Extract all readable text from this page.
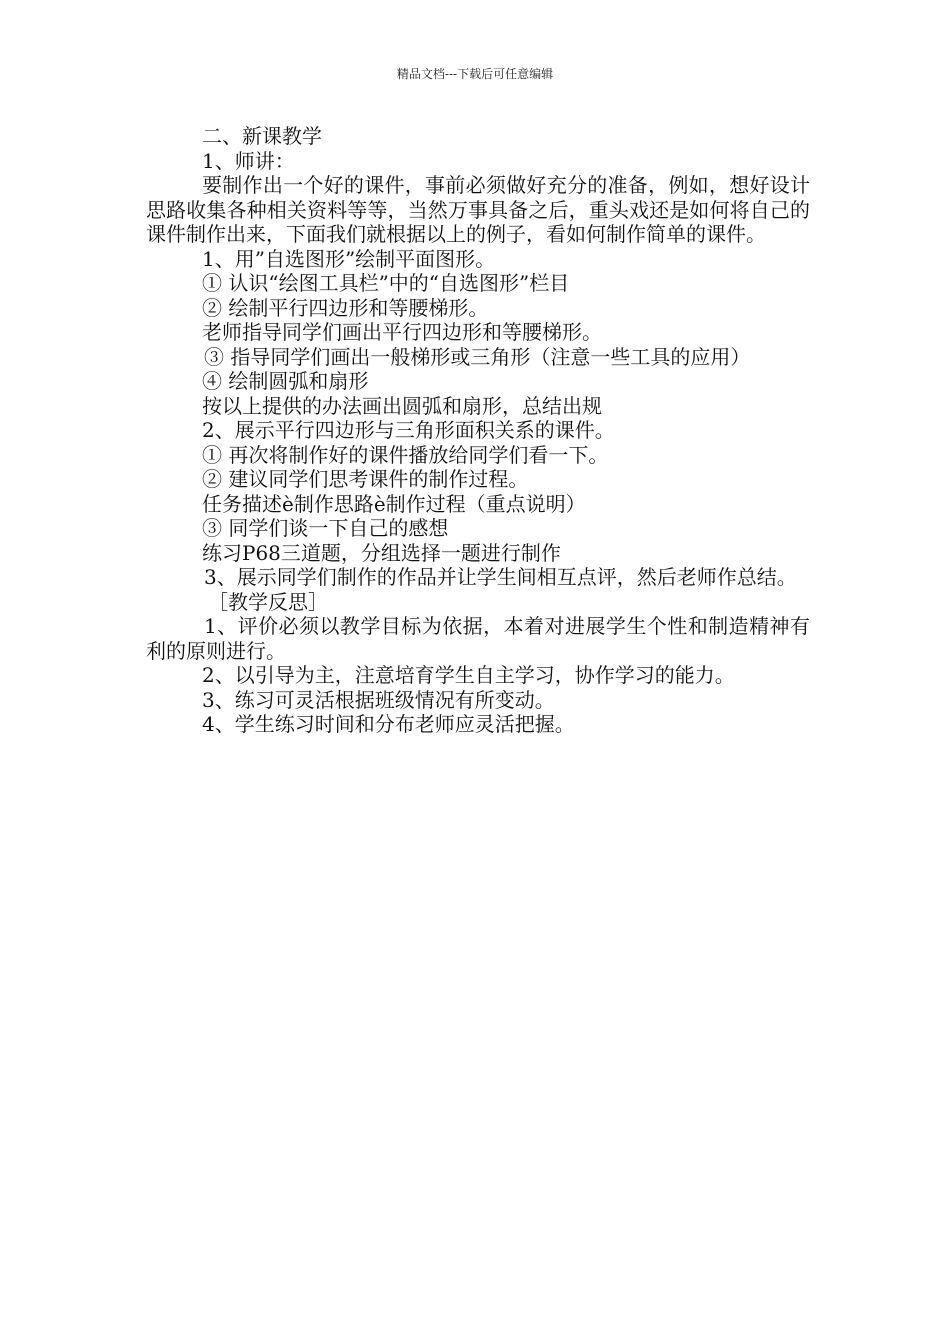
精品文档---下载后可任意编辑

二、新课教学

1、师讲：

要制作出一个好的课件，事前必须做好充分的准备，例如，想好设计思路收集各种相关资料等等，当然万事具备之后，重头戏还是如何将自己的课件制作出来，下面我们就根据以上的例子，看如何制作简单的课件。

1、用”自选图形”绘制平面图形。

① 认识“绘图工具栏”中的“自选图形”栏目

② 绘制平行四边形和等腰梯形。

老师指导同学们画出平行四边形和等腰梯形。

③ 指导同学们画出一般梯形或三角形（注意一些工具的应用）

④ 绘制圆弧和扇形

按以上提供的办法画出圆弧和扇形，总结出规

2、展示平行四边形与三角形面积关系的课件。

① 再次将制作好的课件播放给同学们看一下。

② 建议同学们思考课件的制作过程。

任务描述è制作思路è制作过程（重点说明）

③ 同学们谈一下自己的感想

练习P68三道题，分组选择一题进行制作

3、展示同学们制作的作品并让学生间相互点评，然后老师作总结。

［教学反思］

1、评价必须以教学目标为依据，本着对进展学生个性和制造精神有利的原则进行。

2、以引导为主，注意培育学生自主学习，协作学习的能力。

3、练习可灵活根据班级情况有所变动。

4、学生练习时间和分布老师应灵活把握。
